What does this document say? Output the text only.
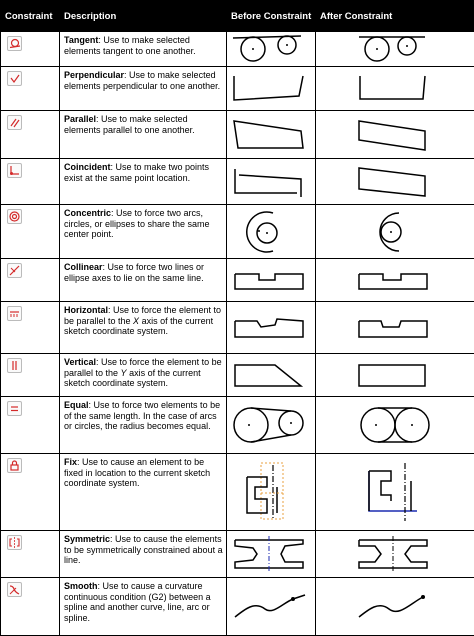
Constraint	Description	Before Constraint	After Constraint

	Tangent: Use to make selected elements tangent to one another.	

	Perpendicular: Use to make selected elements perpendicular to one another.	

	Parallel: Use to make selected elements parallel to one another.	

	Coincident: Use to make two points exist at the same point location.	

	Concentric: Use to force two arcs, circles, or ellipses to share the same center point.	

	Collinear: Use to force two lines or ellipse axes to lie on the same line.	

	Horizontal: Use to force the element to be parallel to the X axis of the current sketch coordinate system.	

	Vertical: Use to force the element to be parallel to the Y axis of the current sketch coordinate system.	

	Equal: Use to force two elements to be of the same length. In the case of arcs or circles, the radius becomes equal.	

	Fix: Use to cause an element to be fixed in location to the current sketch coordinate system.	

	Symmetric: Use to cause the elements to be symmetrically constrained about a line.	

	Smooth: Use to cause a curvature continuous condition (G2) between a spline and another curve, line, arc or spline.	
